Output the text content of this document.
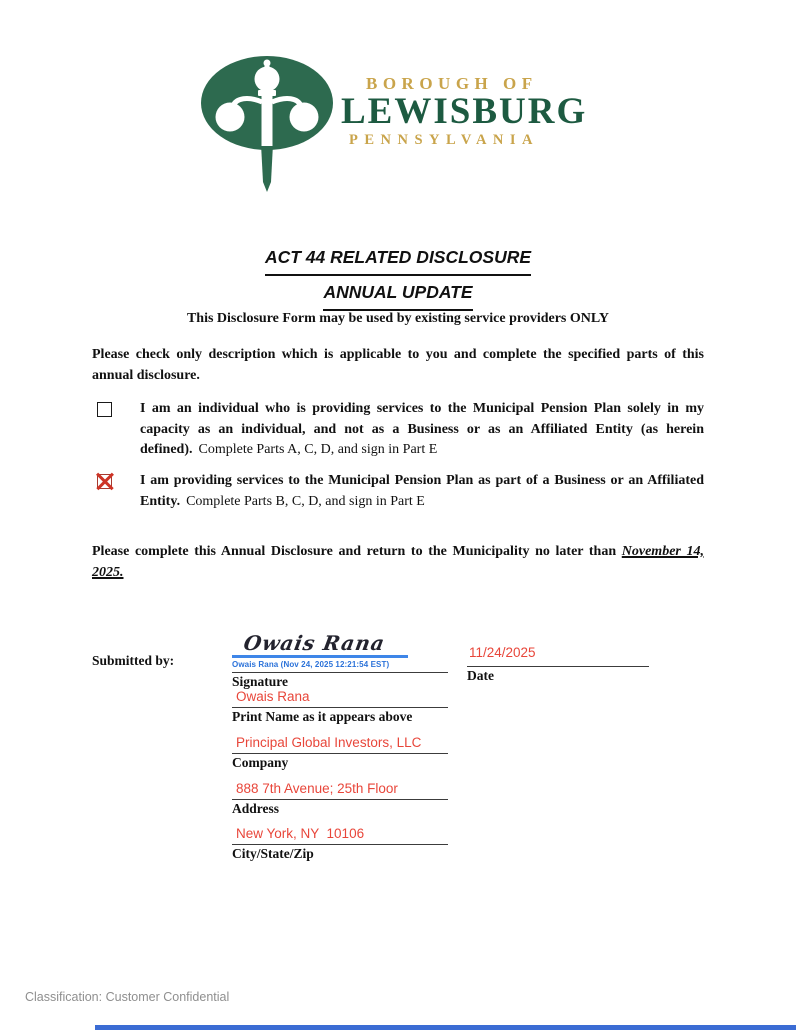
BOROUGH OF
LEWISBURG
PENNSYLVANIA
ACT 44 RELATED DISCLOSURE
ANNUAL UPDATE
This Disclosure Form may be used by existing service providers ONLY
Please check only description which is applicable to you and complete the specified parts of this annual disclosure.
I am an individual who is providing services to the Municipal Pension Plan solely in my capacity as an individual, and not as a Business or as an Affiliated Entity (as herein defined). Complete Parts A, C, D, and sign in Part E
I am providing services to the Municipal Pension Plan as part of a Business or an Affiliated Entity. Complete Parts B, C, D, and sign in Part E
Please complete this Annual Disclosure and return to the Municipality no later than November 14, 2025.
Submitted by:
Owais Rana
Owais Rana (Nov 24, 2025 12:21:54 EST)
Signature
11/24/2025
Date
Owais Rana
Print Name as it appears above
Principal Global Investors, LLC
Company
888 7th Avenue; 25th Floor
Address
New York, NY  10106
City/State/Zip
Classification: Customer Confidential
